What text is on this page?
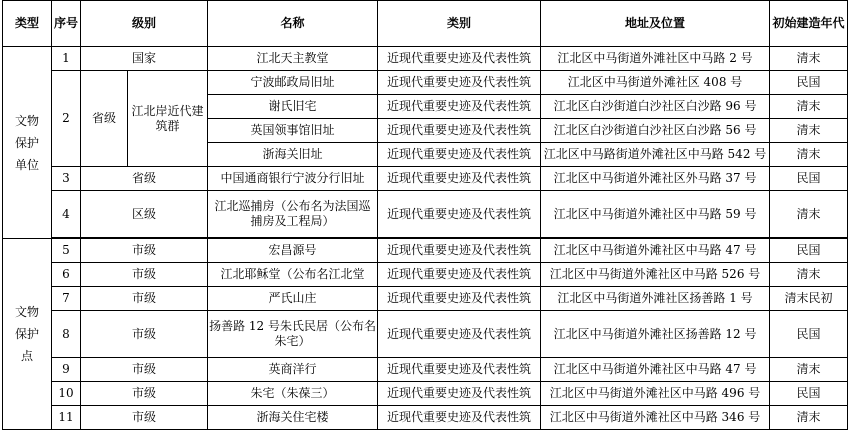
类型	序号	级别		名称	类别	地址及位置	初始建造年代
文物保护单位	1	国家		江北天主教堂	近现代重要史迹及代表性筑	江北区中马街道外滩社区中马路 2 号	清末
	2	省级	江北岸近代建筑群	宁波邮政局旧址	近现代重要史迹及代表性筑	江北区中马街道外滩社区 408 号	民国
				谢氏旧宅	近现代重要史迹及代表性筑	江北区白沙街道白沙社区白沙路 96 号	清末
				英国领事馆旧址	近现代重要史迹及代表性筑	江北区白沙街道白沙社区白沙路 56 号	清末
				浙海关旧址	近现代重要史迹及代表性筑	江北区中马路街道外滩社区中马路 542 号	清末
	3	省级		中国通商银行宁波分行旧址	近现代重要史迹及代表性筑	江北区中马街道外滩社区外马路 37 号	民国
	4	区级		江北巡捕房（公布名为法国巡捕房及工程局）	近现代重要史迹及代表性筑	江北区中马街道外滩社区中马路 59 号	清末

文物保护点	5	市级		宏昌源号	近现代重要史迹及代表性筑	江北区中马街道外滩社区中马路 47 号	民国
	6	市级		江北耶稣堂（公布名江北堂	近现代重要史迹及代表性筑	江北区中马街道外滩社区中马路 526 号	清末
	7	市级		严氏山庄	近现代重要史迹及代表性筑	江北区中马街道外滩社区扬善路 1 号	清末民初
	8	市级		扬善路 12 号朱氏民居（公布名朱宅）	近现代重要史迹及代表性筑	江北区中马街道外滩社区扬善路 12 号	民国
	9	市级		英商洋行	近现代重要史迹及代表性筑	江北区中马街道外滩社区中马路 47 号	清末
	10	市级		朱宅（朱葆三）	近现代重要史迹及代表性筑	江北区中马街道外滩社区中马路 496 号	民国
	11	市级		浙海关住宅楼	近现代重要史迹及代表性筑	江北区中马街道外滩社区中马路 346 号	清末
